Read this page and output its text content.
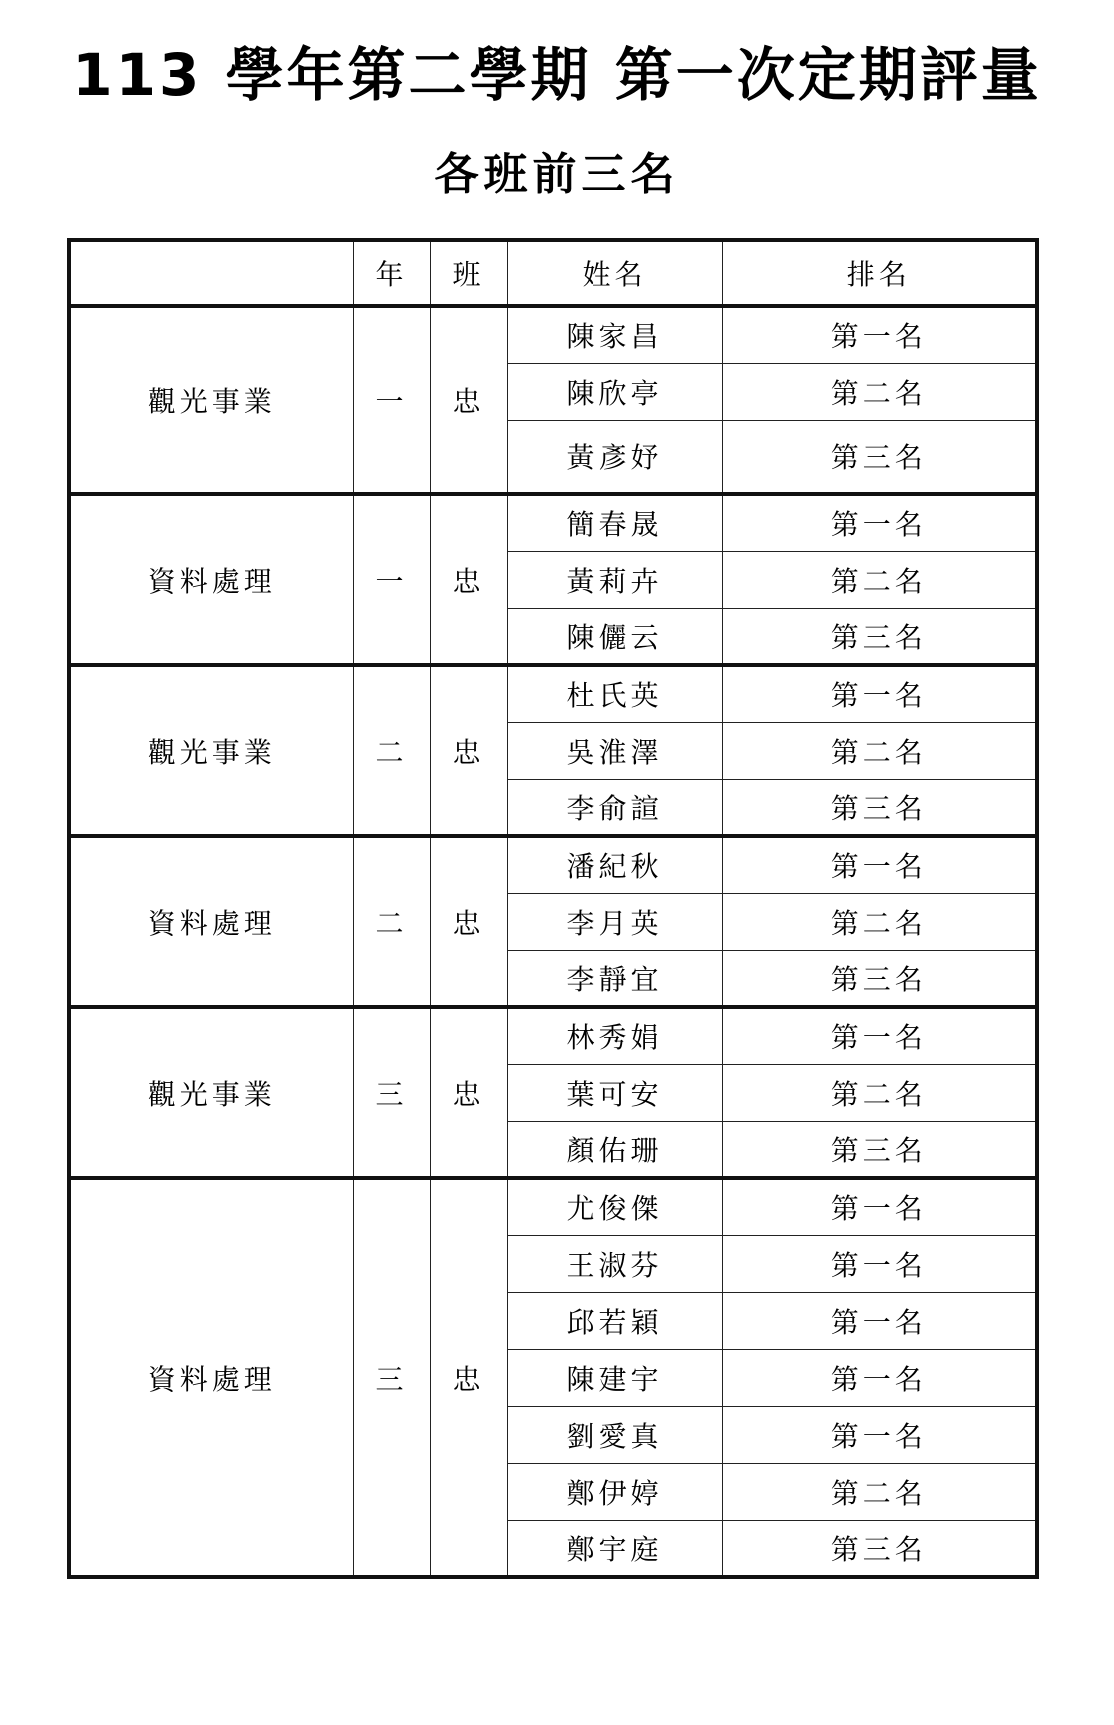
113 學年第二學期 第一次定期評量
各班前三名
	年	班	姓名	排名
觀光事業	一	忠	陳家昌	第一名
			陳欣亭	第二名
			黃彥妤	第三名
資料處理	一	忠	簡春晟	第一名
			黃莉卉	第二名
			陳儷云	第三名
觀光事業	二	忠	杜氏英	第一名
			吳淮澤	第二名
			李俞諠	第三名
資料處理	二	忠	潘紀秋	第一名
			李月英	第二名
			李靜宜	第三名
觀光事業	三	忠	林秀娟	第一名
			葉可安	第二名
			顏佑珊	第三名
資料處理	三	忠	尤俊傑	第一名
			王淑芬	第一名
			邱若穎	第一名
			陳建宇	第一名
			劉愛真	第一名
			鄭伊婷	第二名
			鄭宇庭	第三名
